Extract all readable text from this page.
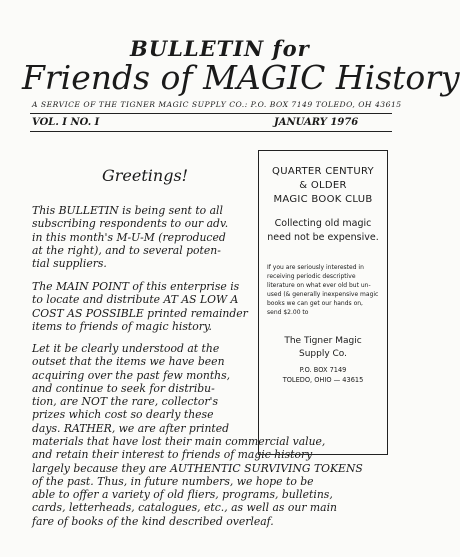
BULLETIN for
Friends of MAGIC History
A SERVICE OF THE TIGNER MAGIC SUPPLY CO.: P.O. BOX 7149 TOLEDO, OH 43615
VOL. I NO. I	JANUARY 1976
Greetings!
This BULLETIN is being sent to all
subscribing respondents to our adv.
in this month's M-U-M (reproduced
at the right), and to several poten-
tial suppliers.
The MAIN POINT of this enterprise is
to locate and distribute AT AS LOW A
COST AS POSSIBLE printed remainder
items to friends of magic history.
Let it be clearly understood at the
outset that the items we have been
acquiring over the past few months,
and continue to seek for distribu-
tion, are NOT the rare, collector's
prizes which cost so dearly these
days. RATHER, we are after printed
materials that have lost their main commercial value,
and retain their interest to friends of magic history
largely because they are AUTHENTIC SURVIVING TOKENS
of the past. Thus, in future numbers, we hope to be
able to offer a variety of old fliers, programs, bulletins,
cards, letterheads, catalogues, etc., as well as our main
fare of books of the kind described overleaf.
QUARTER CENTURY
& OLDER
MAGIC BOOK CLUB
Collecting old magic
need not be expensive.
If you are seriously interested in receiving periodic descriptive literature on what ever old but un-used (& generally inexpensive magic books we can get our hands on, send $2.00 to
The Tigner Magic
Supply Co.
P.O. BOX 7149
TOLEDO, OHIO — 43615
